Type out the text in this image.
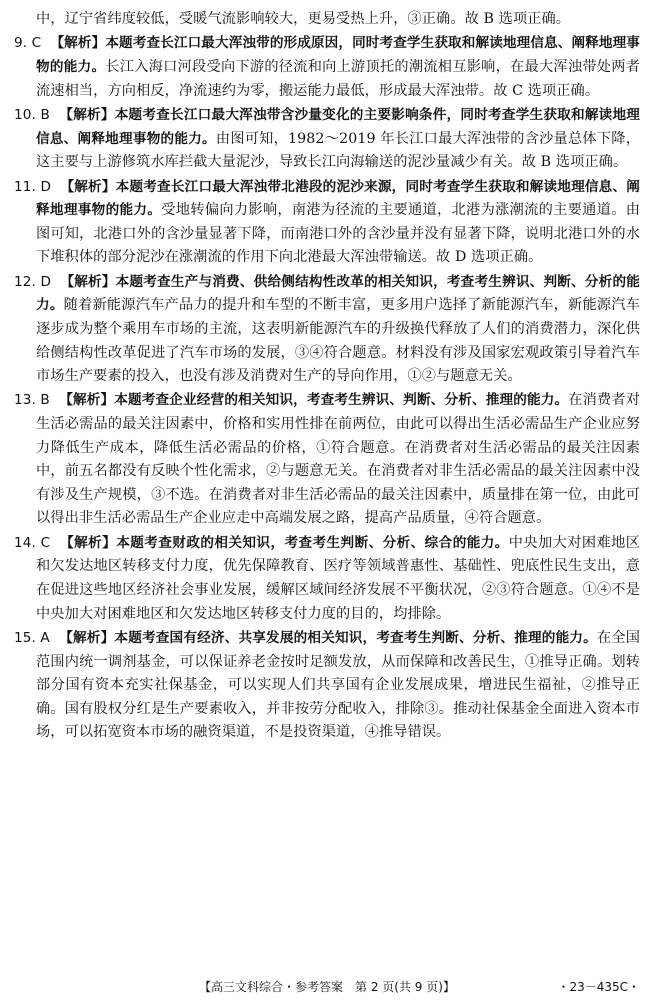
中，辽宁省纬度较低，受暖气流影响较大，更易受热上升，③正确。故 B 选项正确。

9. C 【解析】本题考查长江口最大浑浊带的形成原因，同时考查学生获取和解读地理信息、阐释地理事物的能力。长江入海口河段受向下游的径流和向上游顶托的潮流相互影响，在最大浑浊带处两者流速相当，方向相反，净流速约为零，搬运能力最低，形成最大浑浊带。故 C 选项正确。
10. B 【解析】本题考查长江口最大浑浊带含沙量变化的主要影响条件，同时考查学生获取和解读地理信息、阐释地理事物的能力。由图可知，1982～2019 年长江口最大浑浊带的含沙量总体下降，这主要与上游修筑水库拦截大量泥沙，导致长江向海输送的泥沙量减少有关。故 B 选项正确。
11. D 【解析】本题考查长江口最大浑浊带北港段的泥沙来源，同时考查学生获取和解读地理信息、阐释地理事物的能力。受地转偏向力影响，南港为径流的主要通道，北港为涨潮流的主要通道。由图可知，北港口外的含沙量显著下降，而南港口外的含沙量并没有显著下降，说明北港口外的水下堆积体的部分泥沙在涨潮流的作用下向北港最大浑浊带输送。故 D 选项正确。
12. D 【解析】本题考查生产与消费、供给侧结构性改革的相关知识，考查考生辨识、判断、分析的能力。随着新能源汽车产品力的提升和车型的不断丰富，更多用户选择了新能源汽车，新能源汽车逐步成为整个乘用车市场的主流，这表明新能源汽车的升级换代释放了人们的消费潜力，深化供给侧结构性改革促进了汽车市场的发展，③④符合题意。材料没有涉及国家宏观政策引导着汽车市场生产要素的投入，也没有涉及消费对生产的导向作用，①②与题意无关。
13. B 【解析】本题考查企业经营的相关知识，考查考生辨识、判断、分析、推理的能力。在消费者对生活必需品的最关注因素中，价格和实用性排在前两位，由此可以得出生活必需品生产企业应努力降低生产成本，降低生活必需品的价格，①符合题意。在消费者对生活必需品的最关注因素中，前五名都没有反映个性化需求，②与题意无关。在消费者对非生活必需品的最关注因素中没有涉及生产规模，③不选。在消费者对非生活必需品的最关注因素中，质量排在第一位，由此可以得出非生活必需品生产企业应走中高端发展之路，提高产品质量，④符合题意。
14. C 【解析】本题考查财政的相关知识，考查考生判断、分析、综合的能力。中央加大对困难地区和欠发达地区转移支付力度，优先保障教育、医疗等领域普惠性、基础性、兜底性民生支出，意在促进这些地区经济社会事业发展，缓解区域间经济发展不平衡状况，②③符合题意。①④不是中央加大对困难地区和欠发达地区转移支付力度的目的，均排除。
15. A 【解析】本题考查国有经济、共享发展的相关知识，考查考生判断、分析、推理的能力。在全国范围内统一调剂基金，可以保证养老金按时足额发放，从而保障和改善民生，①推导正确。划转部分国有资本充实社保基金，可以实现人们共享国有企业发展成果，增进民生福祉，②推导正确。国有股权分红是生产要素收入，并非按劳分配收入，排除③。推动社保基金全面进入资本市场，可以拓宽资本市场的融资渠道，不是投资渠道，④推导错误。
【高三文科综合・参考答案　第 2 页(共 9 页)】	・23－435C・
